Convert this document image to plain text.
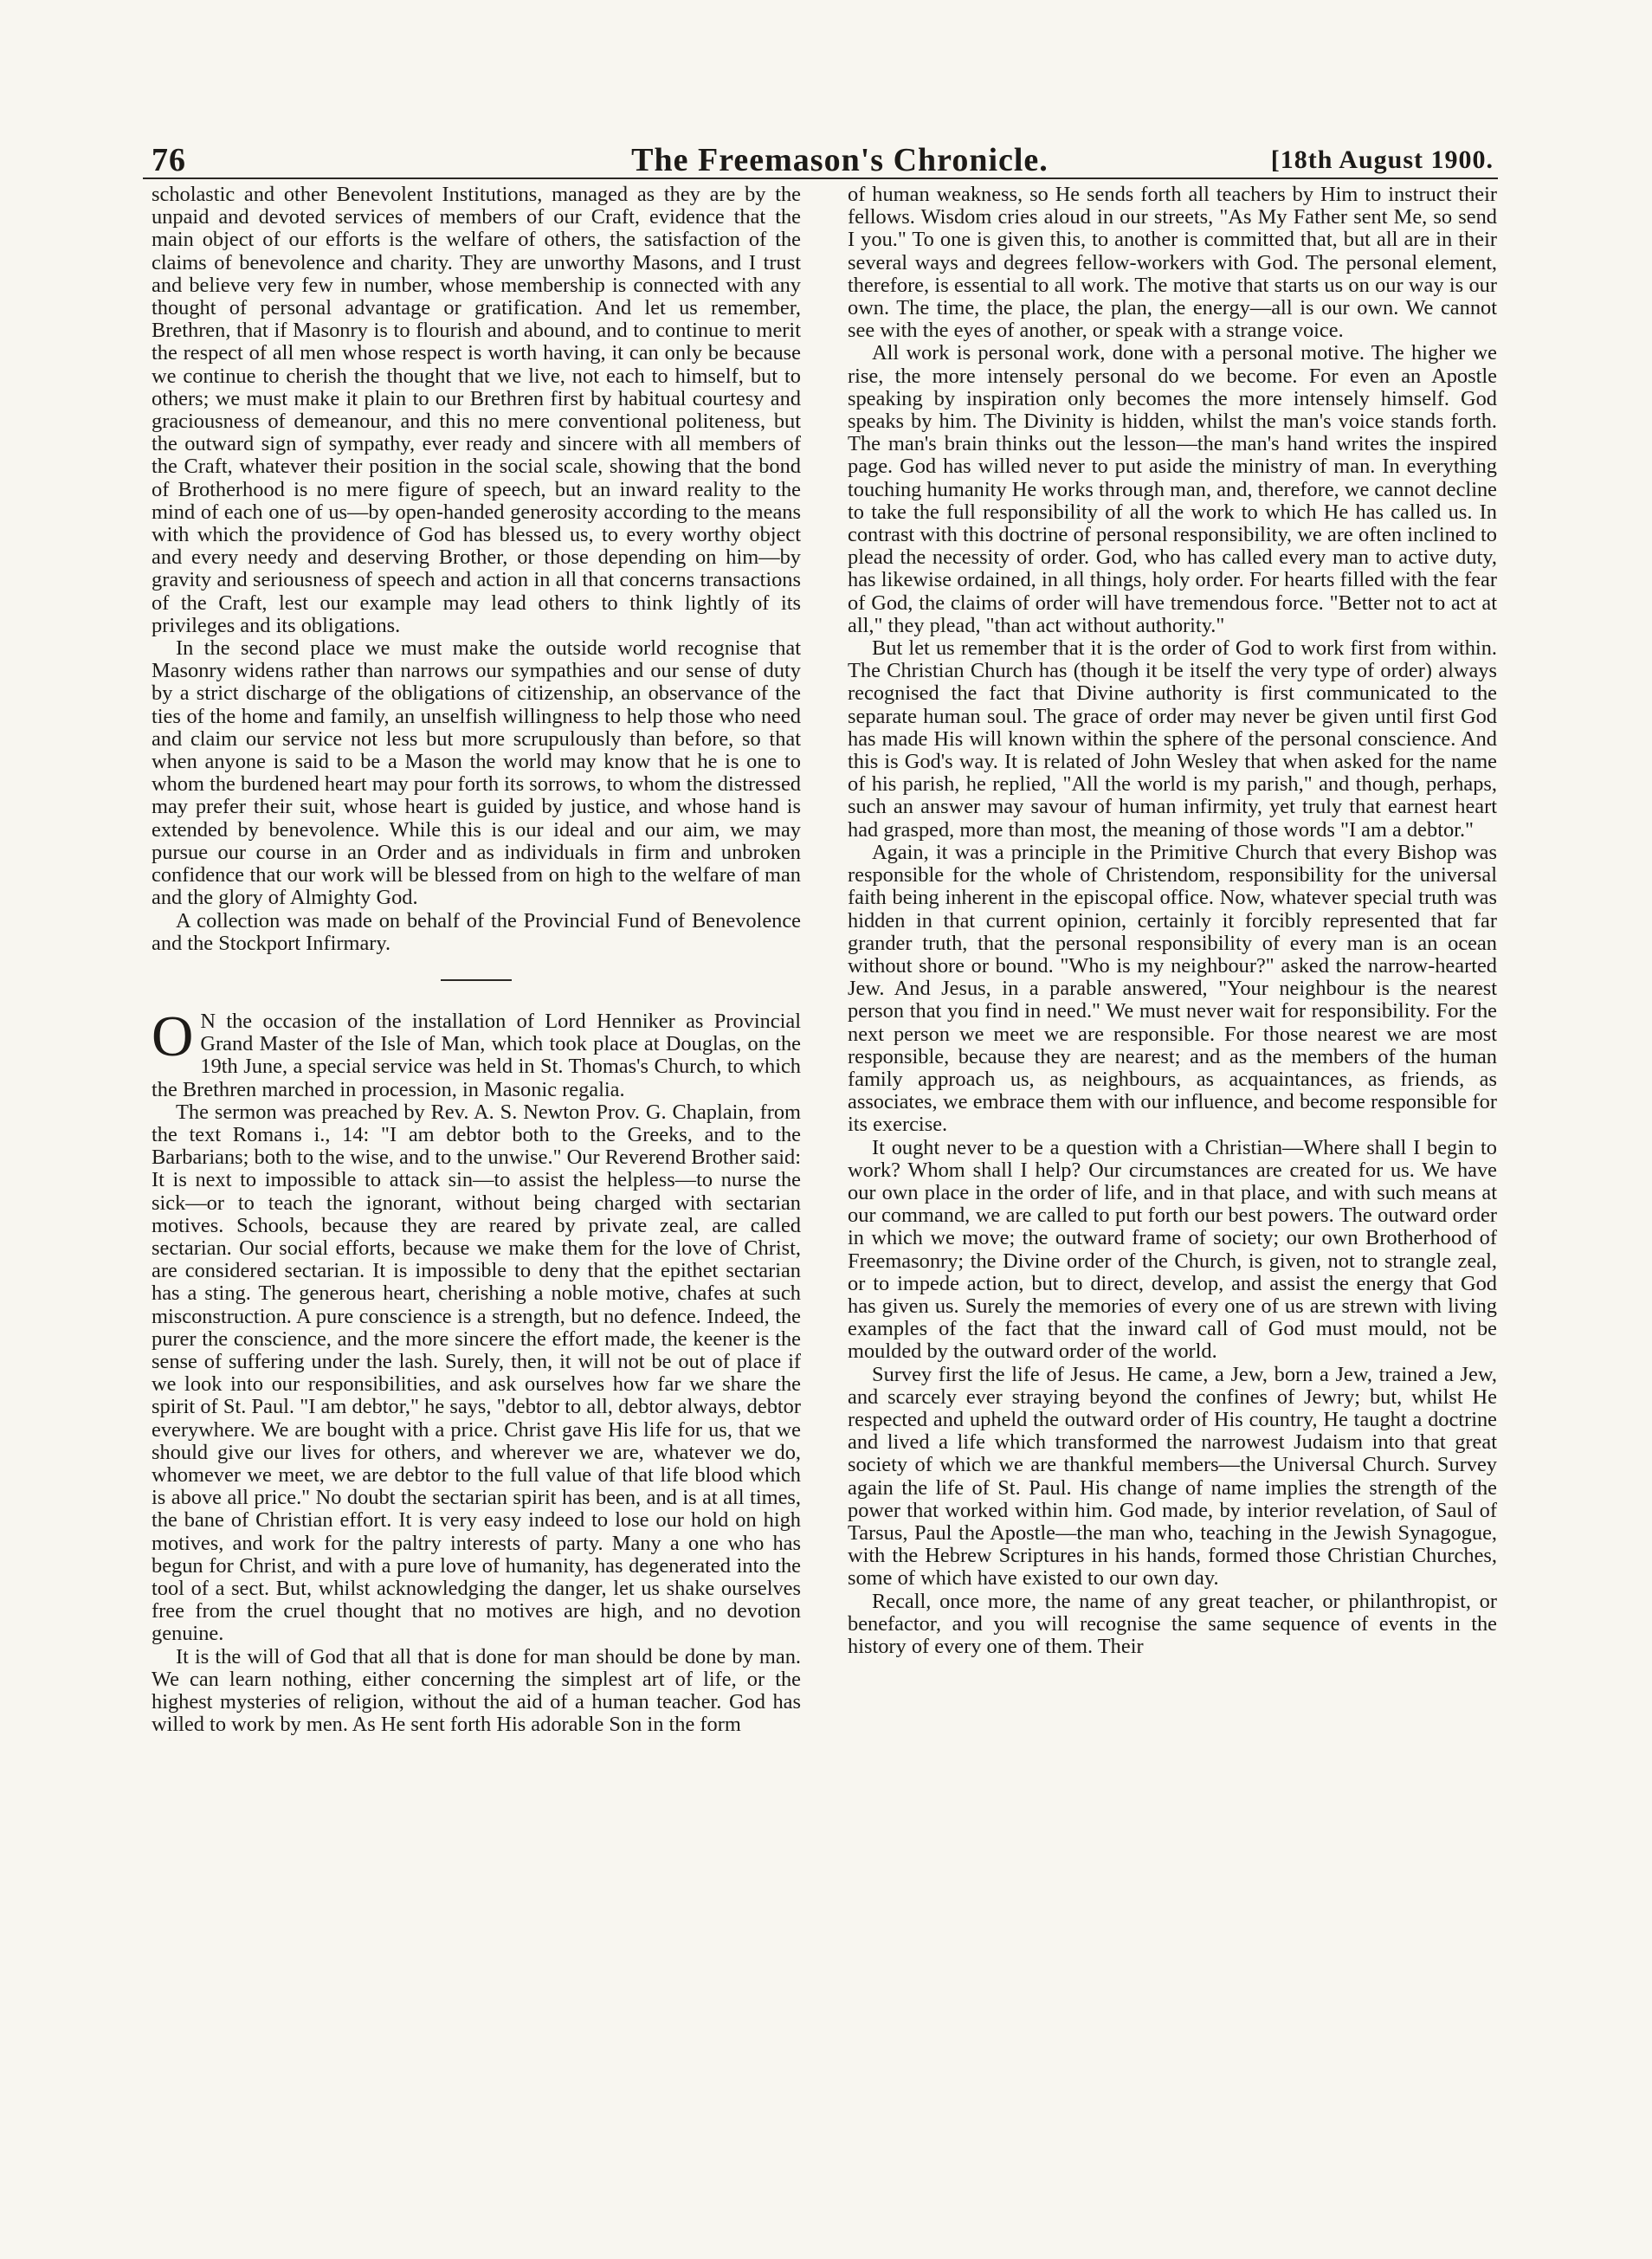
76	The Freemason's Chronicle.	[18th August 1900.

scholastic and other Benevolent Institutions, managed as they are by the unpaid and devoted services of members of our Craft, evidence that the main object of our efforts is the welfare of others, the satisfaction of the claims of benevolence and charity. They are unworthy Masons, and I trust and believe very few in number, whose membership is connected with any thought of personal advantage or gratification. And let us remember, Brethren, that if Masonry is to flourish and abound, and to continue to merit the respect of all men whose respect is worth having, it can only be because we continue to cherish the thought that we live, not each to himself, but to others; we must make it plain to our Brethren first by habitual courtesy and graciousness of demeanour, and this no mere conventional politeness, but the outward sign of sympathy, ever ready and sincere with all members of the Craft, whatever their position in the social scale, showing that the bond of Brotherhood is no mere figure of speech, but an inward reality to the mind of each one of us—by open-handed generosity according to the means with which the providence of God has blessed us, to every worthy object and every needy and deserving Brother, or those depending on him—by gravity and seriousness of speech and action in all that concerns transactions of the Craft, lest our example may lead others to think lightly of its privileges and its obligations.

In the second place we must make the outside world recognise that Masonry widens rather than narrows our sympathies and our sense of duty by a strict discharge of the obligations of citizenship, an observance of the ties of the home and family, an unselfish willingness to help those who need and claim our service not less but more scrupulously than before, so that when anyone is said to be a Mason the world may know that he is one to whom the burdened heart may pour forth its sorrows, to whom the distressed may prefer their suit, whose heart is guided by justice, and whose hand is extended by benevolence. While this is our ideal and our aim, we may pursue our course in an Order and as individuals in firm and unbroken confidence that our work will be blessed from on high to the welfare of man and the glory of Almighty God.

A collection was made on behalf of the Provincial Fund of Benevolence and the Stockport Infirmary.

O N the occasion of the installation of Lord Henniker as Provincial Grand Master of the Isle of Man, which took place at Douglas, on the 19th June, a special service was held in St. Thomas's Church, to which the Brethren marched in procession, in Masonic regalia.

The sermon was preached by Rev. A. S. Newton Prov. G. Chaplain, from the text Romans i., 14: "I am debtor both to the Greeks, and to the Barbarians; both to the wise, and to the unwise." Our Reverend Brother said: It is next to impossible to attack sin—to assist the helpless—to nurse the sick—or to teach the ignorant, without being charged with sectarian motives. Schools, because they are reared by private zeal, are called sectarian. Our social efforts, because we make them for the love of Christ, are considered sectarian. It is impossible to deny that the epithet sectarian has a sting. The generous heart, cherishing a noble motive, chafes at such misconstruction. A pure conscience is a strength, but no defence. Indeed, the purer the conscience, and the more sincere the effort made, the keener is the sense of suffering under the lash. Surely, then, it will not be out of place if we look into our responsibilities, and ask ourselves how far we share the spirit of St. Paul. "I am debtor," he says, "debtor to all, debtor always, debtor everywhere. We are bought with a price. Christ gave His life for us, that we should give our lives for others, and wherever we are, whatever we do, whomever we meet, we are debtor to the full value of that life blood which is above all price." No doubt the sectarian spirit has been, and is at all times, the bane of Christian effort. It is very easy indeed to lose our hold on high motives, and work for the paltry interests of party. Many a one who has begun for Christ, and with a pure love of humanity, has degenerated into the tool of a sect. But, whilst acknowledging the danger, let us shake ourselves free from the cruel thought that no motives are high, and no devotion genuine.

It is the will of God that all that is done for man should be done by man. We can learn nothing, either concerning the simplest art of life, or the highest mysteries of religion, without the aid of a human teacher. God has willed to work by men. As He sent forth His adorable Son in the form

of human weakness, so He sends forth all teachers by Him to instruct their fellows. Wisdom cries aloud in our streets, "As My Father sent Me, so send I you." To one is given this, to another is committed that, but all are in their several ways and degrees fellow-workers with God. The personal element, therefore, is essential to all work. The motive that starts us on our way is our own. The time, the place, the plan, the energy—all is our own. We cannot see with the eyes of another, or speak with a strange voice.

All work is personal work, done with a personal motive. The higher we rise, the more intensely personal do we become. For even an Apostle speaking by inspiration only becomes the more intensely himself. God speaks by him. The Divinity is hidden, whilst the man's voice stands forth. The man's brain thinks out the lesson—the man's hand writes the inspired page. God has willed never to put aside the ministry of man. In everything touching humanity He works through man, and, therefore, we cannot decline to take the full responsibility of all the work to which He has called us. In contrast with this doctrine of personal responsibility, we are often inclined to plead the necessity of order. God, who has called every man to active duty, has likewise ordained, in all things, holy order. For hearts filled with the fear of God, the claims of order will have tremendous force. "Better not to act at all," they plead, "than act without authority."

But let us remember that it is the order of God to work first from within. The Christian Church has (though it be itself the very type of order) always recognised the fact that Divine authority is first communicated to the separate human soul. The grace of order may never be given until first God has made His will known within the sphere of the personal conscience. And this is God's way. It is related of John Wesley that when asked for the name of his parish, he replied, "All the world is my parish," and though, perhaps, such an answer may savour of human infirmity, yet truly that earnest heart had grasped, more than most, the meaning of those words "I am a debtor."

Again, it was a principle in the Primitive Church that every Bishop was responsible for the whole of Christendom, responsibility for the universal faith being inherent in the episcopal office. Now, whatever special truth was hidden in that current opinion, certainly it forcibly represented that far grander truth, that the personal responsibility of every man is an ocean without shore or bound. "Who is my neighbour?" asked the narrow-hearted Jew. And Jesus, in a parable answered, "Your neighbour is the nearest person that you find in need." We must never wait for responsibility. For the next person we meet we are responsible. For those nearest we are most responsible, because they are nearest; and as the members of the human family approach us, as neighbours, as acquaintances, as friends, as associates, we embrace them with our influence, and become responsible for its exercise.

It ought never to be a question with a Christian—Where shall I begin to work? Whom shall I help? Our circumstances are created for us. We have our own place in the order of life, and in that place, and with such means at our command, we are called to put forth our best powers. The outward order in which we move; the outward frame of society; our own Brotherhood of Freemasonry; the Divine order of the Church, is given, not to strangle zeal, or to impede action, but to direct, develop, and assist the energy that God has given us. Surely the memories of every one of us are strewn with living examples of the fact that the inward call of God must mould, not be moulded by the outward order of the world.

Survey first the life of Jesus. He came, a Jew, born a Jew, trained a Jew, and scarcely ever straying beyond the confines of Jewry; but, whilst He respected and upheld the outward order of His country, He taught a doctrine and lived a life which transformed the narrowest Judaism into that great society of which we are thankful members—the Universal Church. Survey again the life of St. Paul. His change of name implies the strength of the power that worked within him. God made, by interior revelation, of Saul of Tarsus, Paul the Apostle—the man who, teaching in the Jewish Synagogue, with the Hebrew Scriptures in his hands, formed those Christian Churches, some of which have existed to our own day.

Recall, once more, the name of any great teacher, or philanthropist, or benefactor, and you will recognise the same sequence of events in the history of every one of them. Their
